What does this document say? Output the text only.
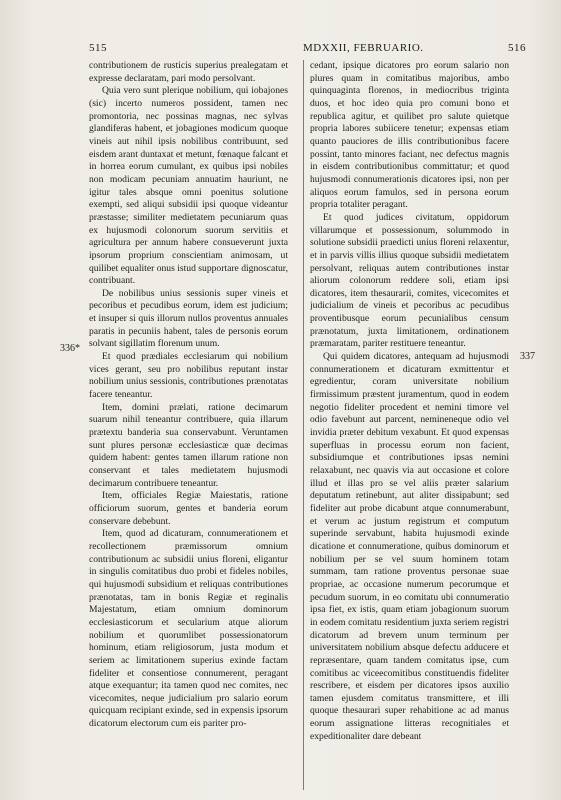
515	MDXXII, FEBRUARIO.	516
336*
337

contributionem de rusticis superius prealegatam et expresse declaratam, pari modo persolvant.

Quia vero sunt plerique nobilium, qui iobajones (sic) incerto numeros possident, tamen nec promontoria, nec possinas magnas, nec sylvas glandiferas habent, et jobagiones modicum quoque vineis aut nihil ipsis nobilibus contribuunt, sed eisdem arant duntaxat et metunt, fœnaque falcant et in horrea eorum cumulant, ex quibus ipsi nobiles non modicam pecuniam annuatim hauriunt, ne igitur tales absque omni poenitus solutione exempti, sed aliqui subsidii ipsi quoque videantur præstasse; similiter medietatem pecuniarum quas ex hujusmodi colonorum suorum servitiis et agricultura per annum habere consueverunt juxta ipsorum proprium conscientiam animosam, ut quilibet equaliter onus istud supportare dignoscatur, contribuant.

De nobilibus unius sessionis super vineis et pecoribus et pecudibus eorum, idem est judicium; et insuper si quis illorum nullos proventus annuales paratis in pecuniis habent, tales de personis eorum solvant sigillatim florenum unum.

Et quod prædiales ecclesiarum qui nobilium vices gerant, seu pro nobilibus reputant instar nobilium unius sessionis, contributiones prænotatas facere teneantur.

Item, domini prælati, ratione decimarum suarum nihil teneantur contribuere, quia illarum prætextu banderia sua conservabunt. Veruntamen sunt plures personæ ecclesiasticæ quæ decimas quidem habent: gentes tamen illarum ratione non conservant et tales medietatem hujusmodi decimarum contribuere teneantur.

Item, officiales Regiæ Maiestatis, ratione officiorum suorum, gentes et banderia eorum conservare debebunt.

Item, quod ad dicaturam, connumerationem et recollectionem præmissorum omnium contributionum ac subsidii unius floreni, eligantur in singulis comitatibus duo probi et fideles nobiles, qui hujusmodi subsidium et reliquas contributiones prænotatas, tam in bonis Regiæ et reginalis Majestatum, etiam omnium dominorum ecclesiasticorum et secularium atque aliorum nobilium et quorumlibet possessionatorum hominum, etiam religiosorum, justa modum et seriem ac limitationem superius exinde factam fideliter et consentiose connumerent, peragant atque exequantur; ita tamen quod nec comites, nec vicecomites, neque judicialium pro salario eorum quicquam recipiant exinde, sed in expensis ipsorum dicatorum electorum cum eis pariter pro-

cedant, ipsique dicatores pro eorum salario non plures quam in comitatibus majoribus, ambo quinquaginta florenos, in mediocribus triginta duos, et hoc ideo quia pro comuni bono et republica agitur, et quilibet pro salute quietque propria labores subiicere tenetur; expensas etiam quanto pauciores de illis contributionibus facere possint, tanto minores faciant, nec defectus magnis in eisdem contributionibus committatur; et quod hujusmodi connumerationis dicatores ipsi, non per aliquos eorum famulos, sed in persona eorum propria totaliter peragant.

Et quod judices civitatum, oppidorum villarumque et possessionum, solummodo in solutione subsidii praedicti unius floreni relaxentur, et in parvis villis illius quoque subsidii medietatem persolvant, reliquas autem contributiones instar aliorum colonorum reddere soli, etiam ipsi dicatores, item thesaurarii, comites, vicecomites et judicialium de vineis et pecoribus ac pecudibus proventibusque eorum pecunialibus censum prænotatum, juxta limitationem, ordinationem præmaratam, pariter restituere teneantur.

Qui quidem dicatores, antequam ad hujusmodi connumerationem et dicaturam exmittentur et egredientur, coram universitate nobilium firmissimum præstent juramentum, quod in eodem negotio fideliter procedent et nemini timore vel odio favebunt aut parcent, nemineneque odio vel invidia præter debitum vexabunt. Et quod expensas superfluas in processu eorum non facient, subsidiumque et contributiones ipsas nemini relaxabunt, nec quavis via aut occasione et colore illud et illas pro se vel aliis præter salarium deputatum retinebunt, aut aliter dissipabunt; sed fideliter aut probe dicabunt atque connumerabunt, et verum ac justum registrum et computum superinde servabunt, habita hujusmodi exinde dicatione et connumeratione, quibus dominorum et nobilium per se vel suum hominem totam summam, tam ratione proventus personae suae propriae, ac occasione numerum pecorumque et pecudum suorum, in eo comitatu ubi connumeratio ipsa fiet, ex istis, quam etiam jobagionum suorum in eodem comitatu residentium juxta seriem registri dicatorum ad brevem unum terminum per universitatem nobilium absque defectu adducere et repræsentare, quam tandem comitatus ipse, cum comitibus ac viceecomitibus constituendis fideliter rescribere, et eisdem per dicatores ipsos auxilio tamen ejusdem comitatus transmittere, et illi quoque thesaurari super rehabitione ac ad manus eorum assignatione litteras recognitiales et expeditionaliter dare debeant
